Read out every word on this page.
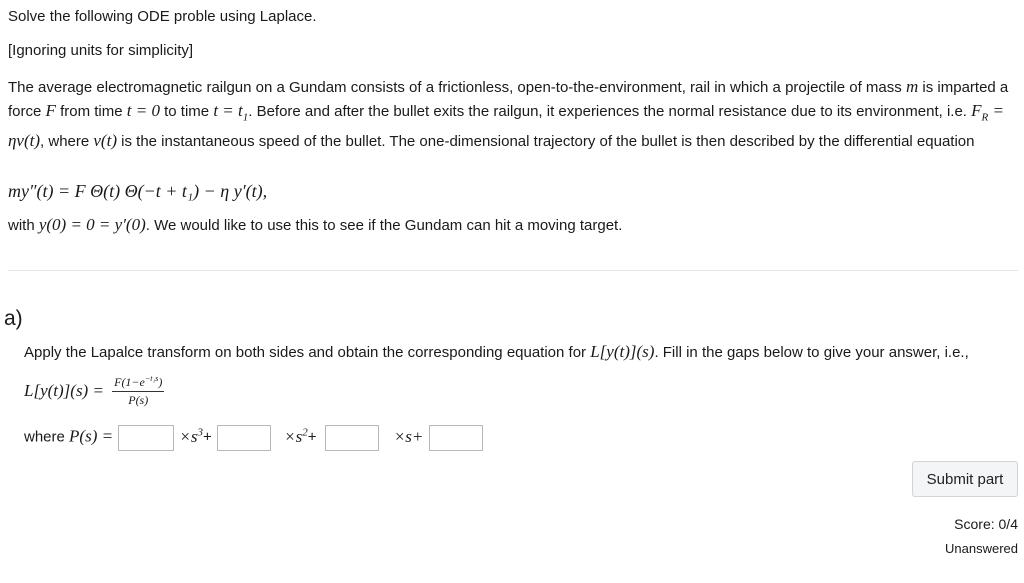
Solve the following ODE proble using Laplace.
[Ignoring units for simplicity]
The average electromagnetic railgun on a Gundam consists of a frictionless, open-to-the-environment, rail in which a projectile of mass m is imparted a force F from time t = 0 to time $t = t_1$. Before and after the bullet exits the railgun, it experiences the normal resistance due to its environment, i.e. $F_R = \eta v(t)$, where v(t) is the instantaneous speed of the bullet. The one-dimensional trajectory of the bullet is then described by the differential equation
my″(t) = F Θ(t) Θ(−t + t₁) − η y′(t),
with y(0) = 0 = y′(0). We would like to use this to see if the Gundam can hit a moving target.
a)
Apply the Lapalce transform on both sides and obtain the corresponding equation for L[y(t)](s). Fill in the gaps below to give your answer, i.e.,
$L[y(t)](s) = \frac{F(1-e^{-t_1s})}{P(s)}$
where P(s) =	$\times s^3+$	$\times s^2+$	×s+
Submit part
Score: 0/4
Unanswered
